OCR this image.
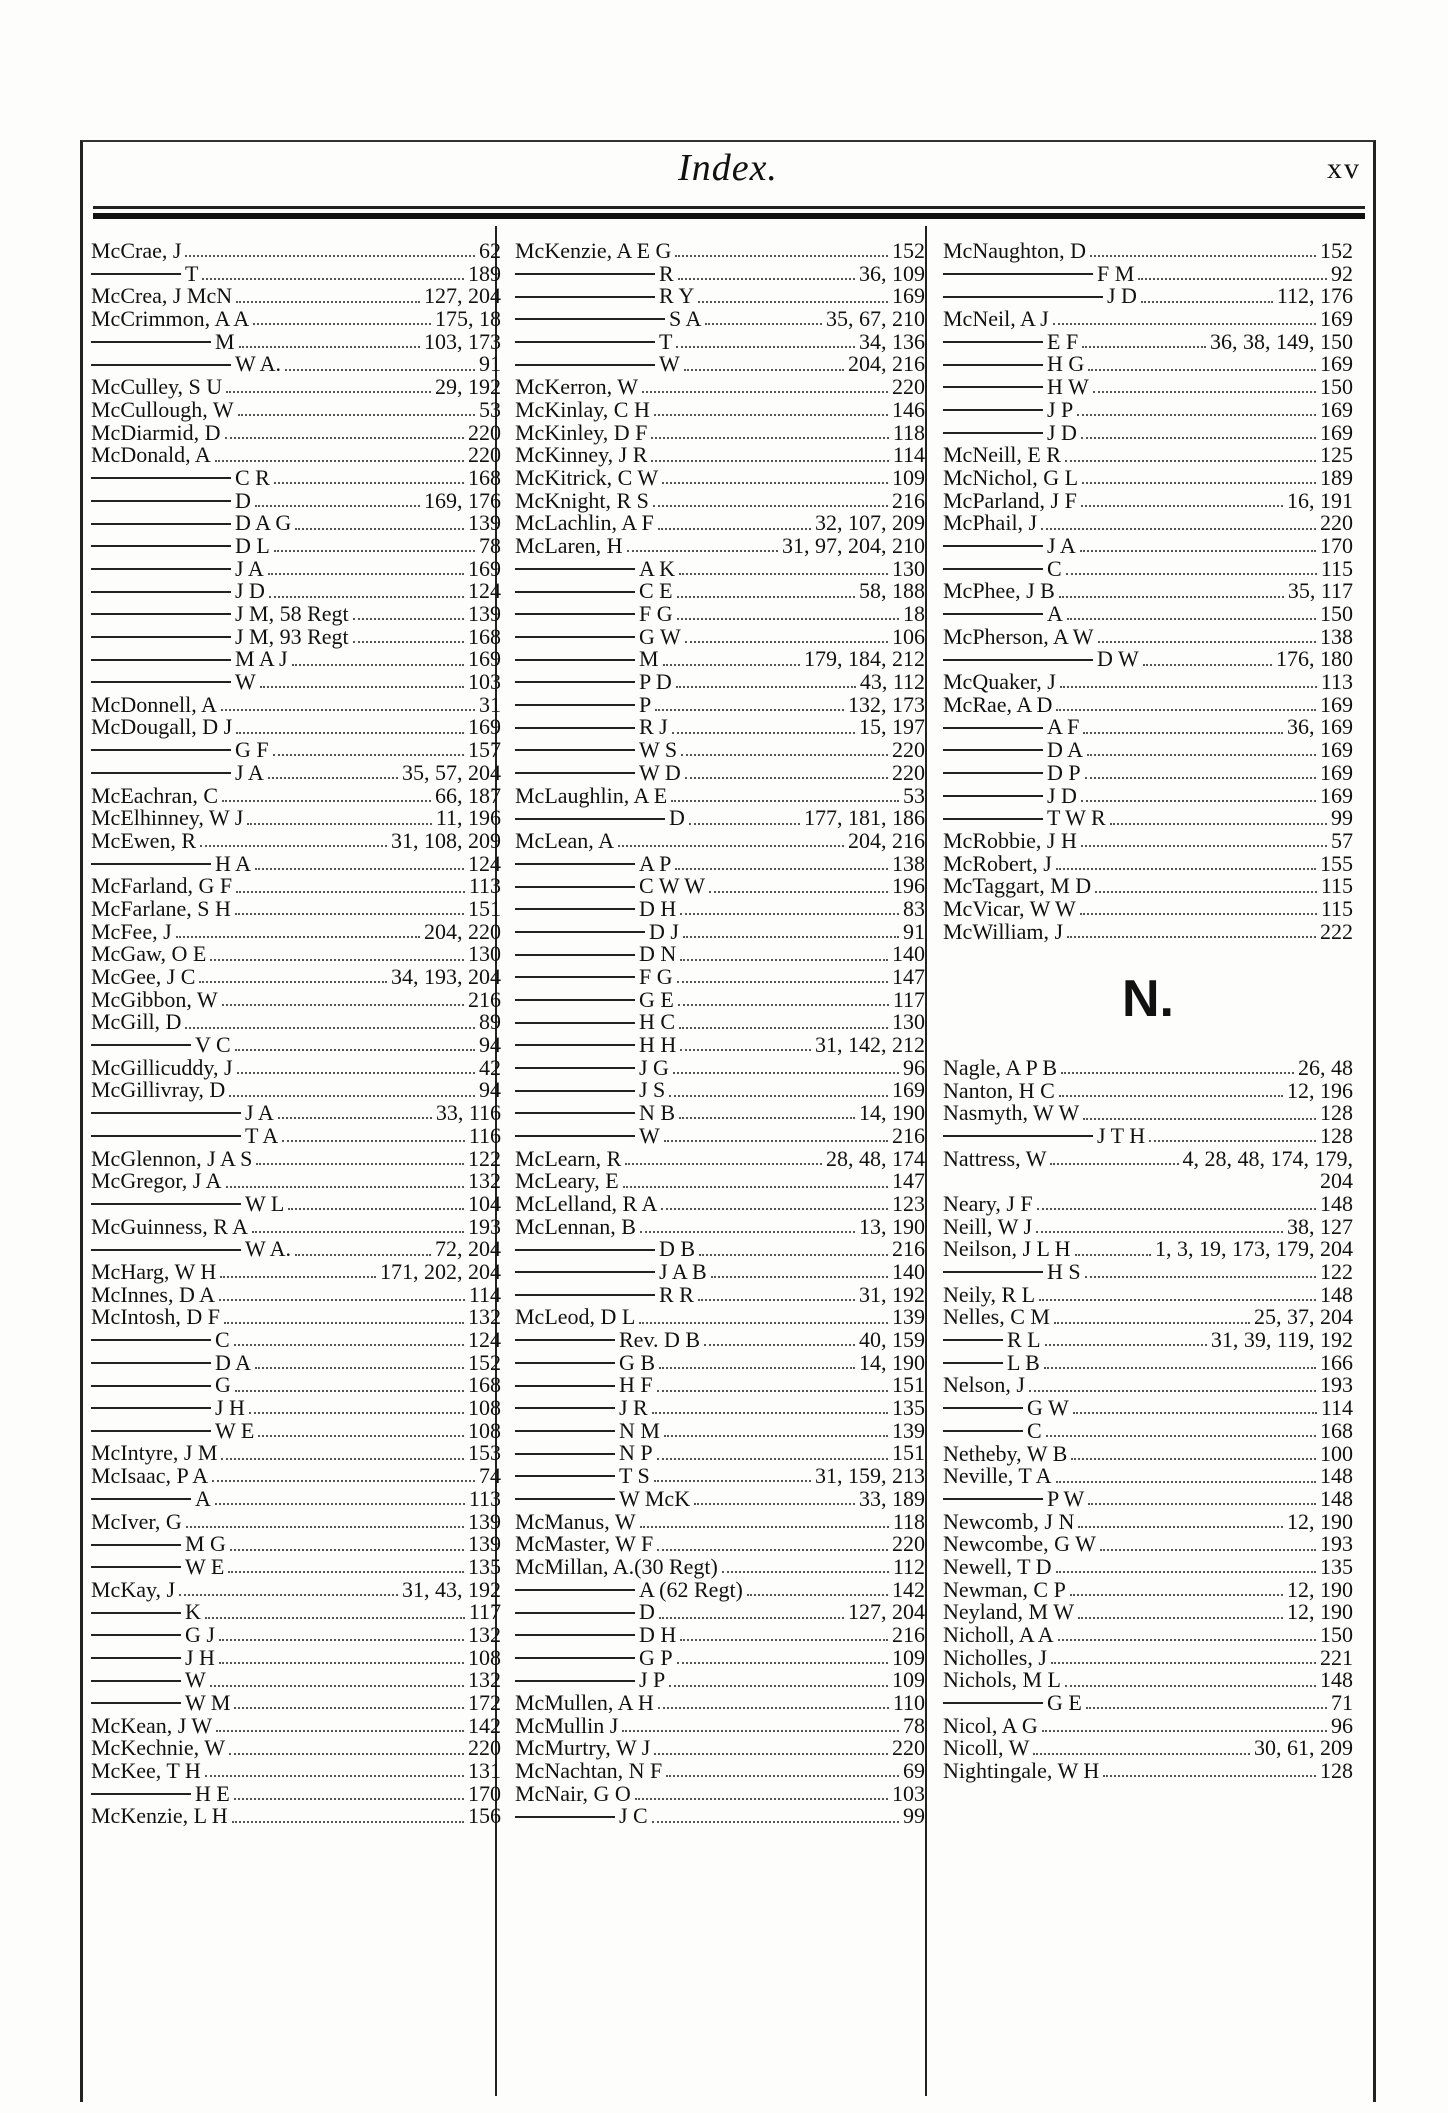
Index.	xv
McCrae, J	62
T	189
McCrea, J McN	127, 204
McCrimmon, A A	175, 18
M	103, 173
W A.	91
McCulley, S U	29, 192
McCullough, W	53
McDiarmid, D	220
McDonald, A	220
C R	168
D	169, 176
D A G	139
D L	78
J A	169
J D	124
J M, 58 Regt	139
J M, 93 Regt	168
M A J	169
W	103
McDonnell, A	31
McDougall, D J	169
G F	157
J A	35, 57, 204
McEachran, C	66, 187
McElhinney, W J	11, 196
McEwen, R	31, 108, 209
H A	124
McFarland, G F	113
McFarlane, S H	151
McFee, J	204, 220
McGaw, O E	130
McGee, J C	34, 193, 204
McGibbon, W	216
McGill, D	89
V C	94
McGillicuddy, J	42
McGillivray, D	94
J A	33, 116
T A	116
McGlennon, J A S	122
McGregor, J A	132
W L	104
McGuinness, R A	193
W A.	72, 204
McHarg, W H	171, 202, 204
McInnes, D A	114
McIntosh, D F	132
C	124
D A	152
G	168
J H	108
W E	108
McIntyre, J M	153
McIsaac, P A	74
A	113
McIver, G	139
M G	139
W E	135
McKay, J	31, 43, 192
K	117
G J	132
J H	108
W	132
W M	172
McKean, J W	142
McKechnie, W	220
McKee, T H	131
H E	170
McKenzie, L H	156
McKenzie, A E G	152
R	36, 109
R Y	169
S A	35, 67, 210
T	34, 136
W	204, 216
McKerron, W	220
McKinlay, C H	146
McKinley, D F	118
McKinney, J R	114
McKitrick, C W	109
McKnight, R S	216
McLachlin, A F	32, 107, 209
McLaren, H	31, 97, 204, 210
A K	130
C E	58, 188
F G	18
G W	106
M	179, 184, 212
P D	43, 112
P	132, 173
R J	15, 197
W S	220
W D	220
McLaughlin, A E	53
D	177, 181, 186
McLean, A	204, 216
A P	138
C W W	196
D H	83
D J	91
D N	140
F G	147
G E	117
H C	130
H H	31, 142, 212
J G	96
J S	169
N B	14, 190
W	216
McLearn, R	28, 48, 174
McLeary, E	147
McLelland, R A	123
McLennan, B	13, 190
D B	216
J A B	140
R R	31, 192
McLeod, D L	139
Rev. D B	40, 159
G B	14, 190
H F	151
J R	135
N M	139
N P	151
T S	31, 159, 213
W McK	33, 189
McManus, W	118
McMaster, W F	220
McMillan, A.(30 Regt)	112
A (62 Regt)	142
D	127, 204
D H	216
G P	109
J P	109
McMullen, A H	110
McMullin J	78
McMurtry, W J	220
McNachtan, N F	69
McNair, G O	103
J C	99
McNaughton, D	152
F M	92
J D	112, 176
McNeil, A J	169
E F	36, 38, 149, 150
H G	169
H W	150
J P	169
J D	169
McNeill, E R	125
McNichol, G L	189
McParland, J F	16, 191
McPhail, J	220
J A	170
C	115
McPhee, J B	35, 117
A	150
McPherson, A W	138
D W	176, 180
McQuaker, J	113
McRae, A D	169
A F	36, 169
D A	169
D P	169
J D	169
T W R	99
McRobbie, J H	57
McRobert, J	155
McTaggart, M D	115
McVicar, W W	115
McWilliam, J	222
N.
Nagle, A P B	26, 48
Nanton, H C	12, 196
Nasmyth, W W	128
J T H	128
Nattress, W	4, 28, 48, 174, 179,
204
Neary, J F	148
Neill, W J	38, 127
Neilson, J L H	1, 3, 19, 173, 179, 204
H S	122
Neily, R L	148
Nelles, C M	25, 37, 204
R L	31, 39, 119, 192
L B	166
Nelson, J	193
G W	114
C	168
Netheby, W B	100
Neville, T A	148
P W	148
Newcomb, J N	12, 190
Newcombe, G W	193
Newell, T D	135
Newman, C P	12, 190
Neyland, M W	12, 190
Nicholl, A A	150
Nicholles, J	221
Nichols, M L	148
G E	71
Nicol, A G	96
Nicoll, W	30, 61, 209
Nightingale, W H	128
